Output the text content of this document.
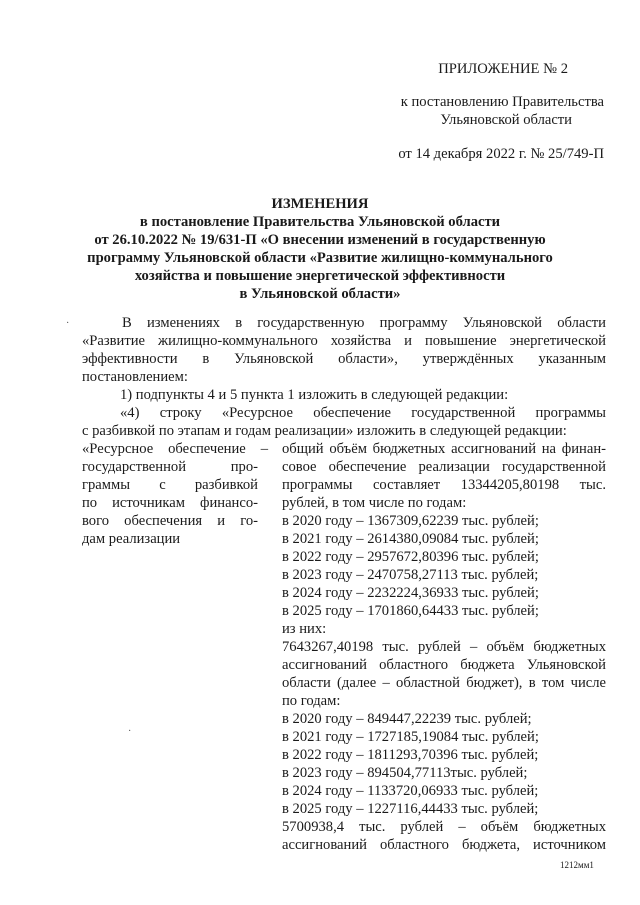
ПРИЛОЖЕНИЕ № 2
к постановлению Правительства
Ульяновской области
от 14 декабря 2022 г. № 25/749-П
ИЗМЕНЕНИЯ
в постановление Правительства Ульяновской области
от 26.10.2022 № 19/631-П «О внесении изменений в государственную
программу Ульяновской области «Развитие жилищно-коммунального
хозяйства и повышение энергетической эффективности
в Ульяновской области»
В изменениях в государственную программу Ульяновской области
«Развитие жилищно-коммунального хозяйства и повышение энергетической
эффективности в Ульяновской области», утверждённых указанным
постановлением:
1) подпункты 4 и 5 пункта 1 изложить в следующей редакции:
«4) строку «Ресурсное обеспечение государственной программы
с разбивкой по этапам и годам реализации» изложить в следующей редакции:
«Ресурсное обеспечение –
государственной про-
граммы с разбивкой
по источникам финансо-
вого обеспечения и го-
дам реализации
общий объём бюджетных ассигнований на финан-
совое обеспечение реализации государственной
программы составляет 13344205,80198 тыс.
рублей, в том числе по годам:
в 2020 году – 1367309,62239 тыс. рублей;
в 2021 году – 2614380,09084 тыс. рублей;
в 2022 году – 2957672,80396 тыс. рублей;
в 2023 году – 2470758,27113 тыс. рублей;
в 2024 году – 2232224,36933 тыс. рублей;
в 2025 году – 1701860,64433 тыс. рублей;
из них:
7643267,40198 тыс. рублей – объём бюджетных
ассигнований областного бюджета Ульяновской
области (далее – областной бюджет), в том числе
по годам:
в 2020 году – 849447,22239 тыс. рублей;
в 2021 году – 1727185,19084 тыс. рублей;
в 2022 году – 1811293,70396 тыс. рублей;
в 2023 году – 894504,77113тыс. рублей;
в 2024 году – 1133720,06933 тыс. рублей;
в 2025 году – 1227116,44433 тыс. рублей;
5700938,4 тыс. рублей – объём бюджетных
ассигнований областного бюджета, источником
1212мм1
·
·
